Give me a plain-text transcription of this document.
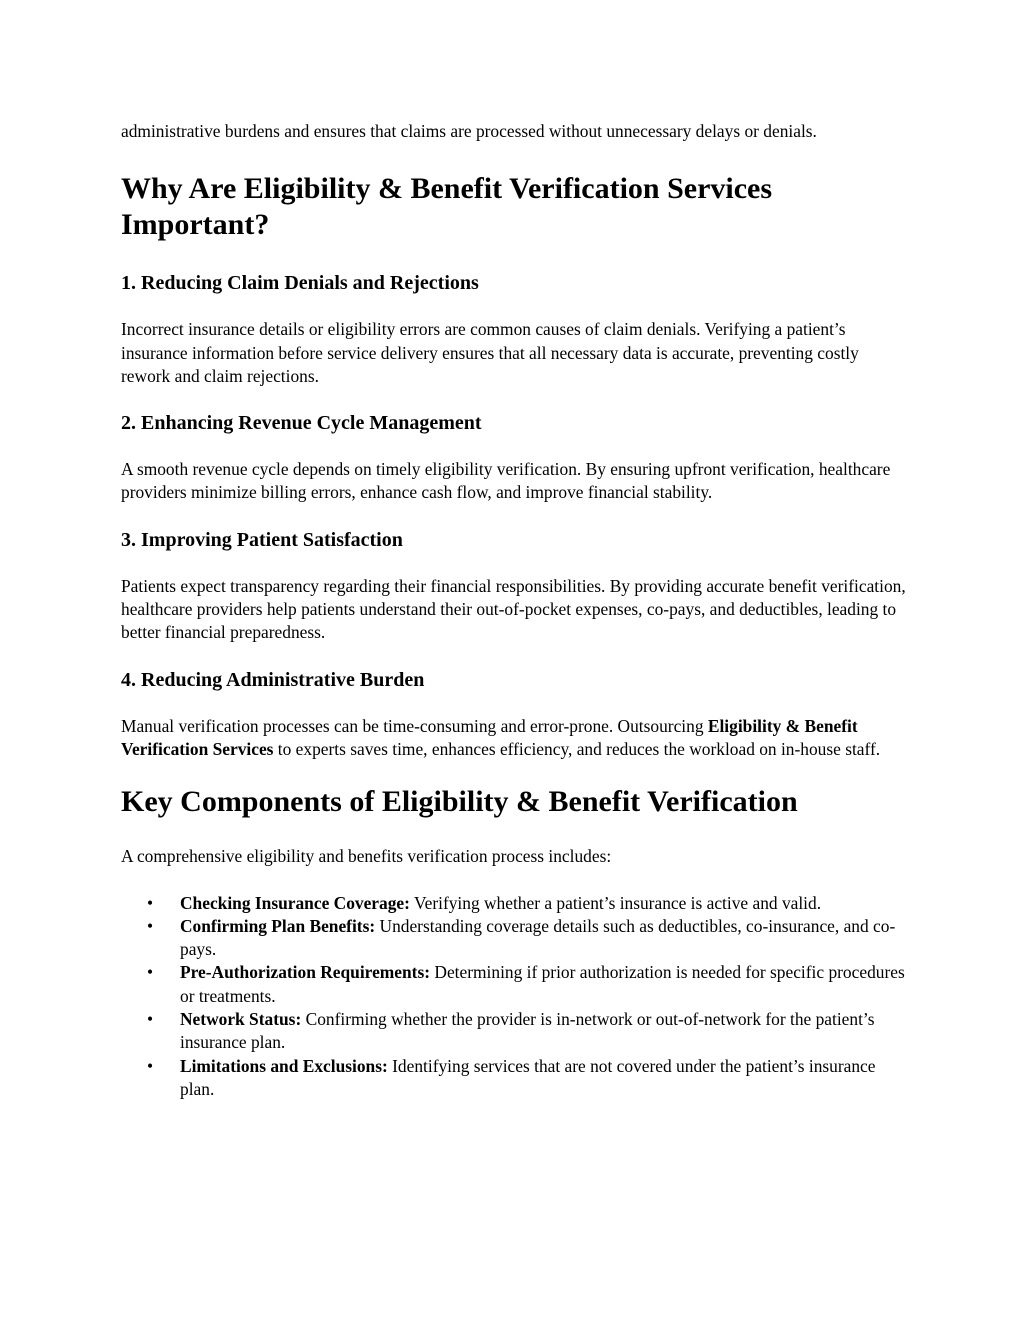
administrative burdens and ensures that claims are processed without unnecessary delays or denials.

Why Are Eligibility & Benefit Verification Services Important?
1. Reducing Claim Denials and Rejections

Incorrect insurance details or eligibility errors are common causes of claim denials. Verifying a patient’s insurance information before service delivery ensures that all necessary data is accurate, preventing costly rework and claim rejections.

2. Enhancing Revenue Cycle Management

A smooth revenue cycle depends on timely eligibility verification. By ensuring upfront verification, healthcare providers minimize billing errors, enhance cash flow, and improve financial stability.

3. Improving Patient Satisfaction

Patients expect transparency regarding their financial responsibilities. By providing accurate benefit verification, healthcare providers help patients understand their out-of-pocket expenses, co-pays, and deductibles, leading to better financial preparedness.

4. Reducing Administrative Burden

Manual verification processes can be time-consuming and error-prone. Outsourcing Eligibility & Benefit Verification Services to experts saves time, enhances efficiency, and reduces the workload on in-house staff.

Key Components of Eligibility & Benefit Verification

A comprehensive eligibility and benefits verification process includes:

• Checking Insurance Coverage: Verifying whether a patient’s insurance is active and valid.
• Confirming Plan Benefits: Understanding coverage details such as deductibles, co-insurance, and co-pays.
• Pre-Authorization Requirements: Determining if prior authorization is needed for specific procedures or treatments.
• Network Status: Confirming whether the provider is in-network or out-of-network for the patient’s insurance plan.
• Limitations and Exclusions: Identifying services that are not covered under the patient’s insurance plan.
